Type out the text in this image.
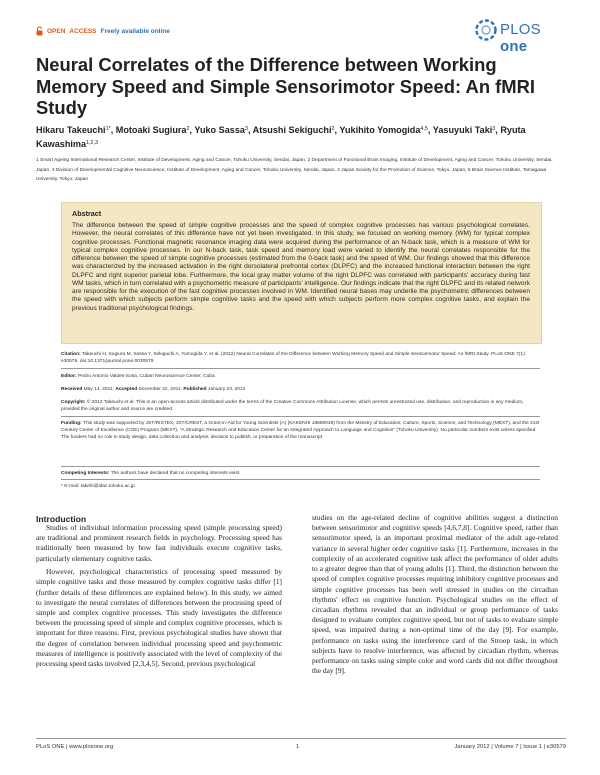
OPEN ACCESS Freely available online	PLOS one
Neural Correlates of the Difference between Working Memory Speed and Simple Sensorimotor Speed: An fMRI Study
Hikaru Takeuchi$^{1*}$, Motoaki Sugiura$^2$, Yuko Sassa$^3$, Atsushi Sekiguchi$^2$, Yukihito Yomogida$^{4,5}$, Yasuyuki Taki$^3$, Ryuta Kawashima$^{1,2,3}$
1 Smart Ageing International Research Center, Institute of Development, Aging and Cancer, Tohoku University, Sendai, Japan, 2 Department of Functional Brain Imaging, Institute of Development, Aging and Cancer, Tohoku University, Sendai, Japan, 3 Division of Developmental Cognitive Neuroscience, Institute of Development, Aging and Cancer, Tohoku University, Sendai, Japan, 4 Japan Society for the Promotion of Science, Tokyo, Japan, 5 Brain Science Institute, Tamagawa University, Tokyo, Japan
Abstract
The difference between the speed of simple cognitive processes and the speed of complex cognitive processes has various psychological correlates. However, the neural correlates of this difference have not yet been investigated. In this study, we focused on working memory (WM) for typical complex cognitive processes. Functional magnetic resonance imaging data were acquired during the performance of an N-back task, which is a measure of WM for typical complex cognitive processes. In our N-back task, task speed and memory load were varied to identify the neural correlates responsible for the difference between the speed of simple cognitive processes (estimated from the 0-back task) and the speed of WM. Our findings showed that this difference was characterized by the increased activation in the right dorsolateral prefrontal cortex (DLPFC) and the increased functional interaction between the right DLPFC and right superior parietal lobe. Furthermore, the local gray matter volume of the right DLPFC was correlated with participants' accuracy during fast WM tasks, which in turn correlated with a psychometric measure of participants' intelligence. Our findings indicate that the right DLPFC and its related network are responsible for the execution of the fast cognitive processes involved in WM. Identified neural bases may underlie the psychometric differences between the speed with which subjects perform simple cognitive tasks and the speed with which subjects perform more complex cognitive tasks, and explain the previous traditional psychological findings.
Citation: Takeuchi H, Sugiura M, Sassa Y, Sekiguchi A, Yomogida Y, et al. (2012) Neural Correlates of the Difference between Working Memory Speed and Simple Sensorimotor Speed: An fMRI Study. PLoS ONE 7(1): e30579. doi:10.1371/journal.pone.0030579
Editor: Pedro Antonio Valdes-Sosa, Cuban Neuroscience Center, Cuba
Received May 14, 2011; Accepted December 22, 2011; Published January 23, 2012
Copyright: © 2012 Takeuchi et al. This is an open-access article distributed under the terms of the Creative Commons Attribution License, which permits unrestricted use, distribution, and reproduction in any medium, provided the original author and source are credited.
Funding: This study was supported by JST/RISTEX, JST/CREST, a Grant-in-Aid for Young Scientists (A) (KAKENHI 18680026) from the Ministry of Education, Culture, Sports, Science, and Technology (MEXT), and the 21st Century Center of Excellence (COE) Program (MEXT), "A Strategic Research and Education Center for an Integrated Approach to Language and Cognition" (Tohoku University). No particular numbers exist unless specified. The funders had no role in study design, data collection and analysis, decision to publish, or preparation of the manuscript.
Competing Interests: The authors have declared that no competing interests exist.
* E-mail: takehi@idac.tohoku.ac.jp
Introduction

Studies of individual information processing speed (simple processing speed) are traditional and prominent research fields in psychology. Processing speed has traditionally been measured by how fast individuals execute cognitive tasks, particularly elementary cognitive tasks.

However, psychological characteristics of processing speed measured by simple cognitive tasks and those measured by complex cognitive tasks differ [1] (further details of these differences are explained below). In this study, we aimed to investigate the neural correlates of differences between the processing speed of simple and complex cognitive processes. This study investigates the difference between the processing speed of simple and complex cognitive processes, which is important for three reasons. First, previous psychological studies have shown that the degree of correlation between individual processing speed and psychometric measures of intelligence is positively associated with the level of complexity of the processing speed tasks involved [2,3,4,5]. Second, previous psychological

studies on the age-related decline of cognitive abilities suggest a distinction between sensorimotor and cognitive speeds [4,6,7,8]. Cognitive speed, rather than sensorimotor speed, is an important proximal mediator of the adult age-related variance in several higher order cognitive tasks [1]. Furthermore, increases in the complexity of an accelerated cognitive task affect the performance of older adults to a greater degree than that of young adults [1]. Third, the distinction between the speed of complex cognitive processes requiring inhibitory cognitive processes and simple cognitive processes has been well stressed in studies on the circadian rhythms' effect on cognitive function. Psychological studies on the effect of circadian rhythms revealed that an individual or group performance of tasks designed to evaluate complex cognitive speed, but not of tasks to evaluate simple speed, was impaired during a non-optimal time of the day [9]. For example, performance on tasks using the interference card of the Stroop task, in which subjects have to resolve interference, was affected by circadian rhythm, whereas performance on tasks using simple color and word cards did not differ throughout the day [9].

PLoS ONE | www.plosone.org	1	January 2012 | Volume 7 | Issue 1 | e30579
